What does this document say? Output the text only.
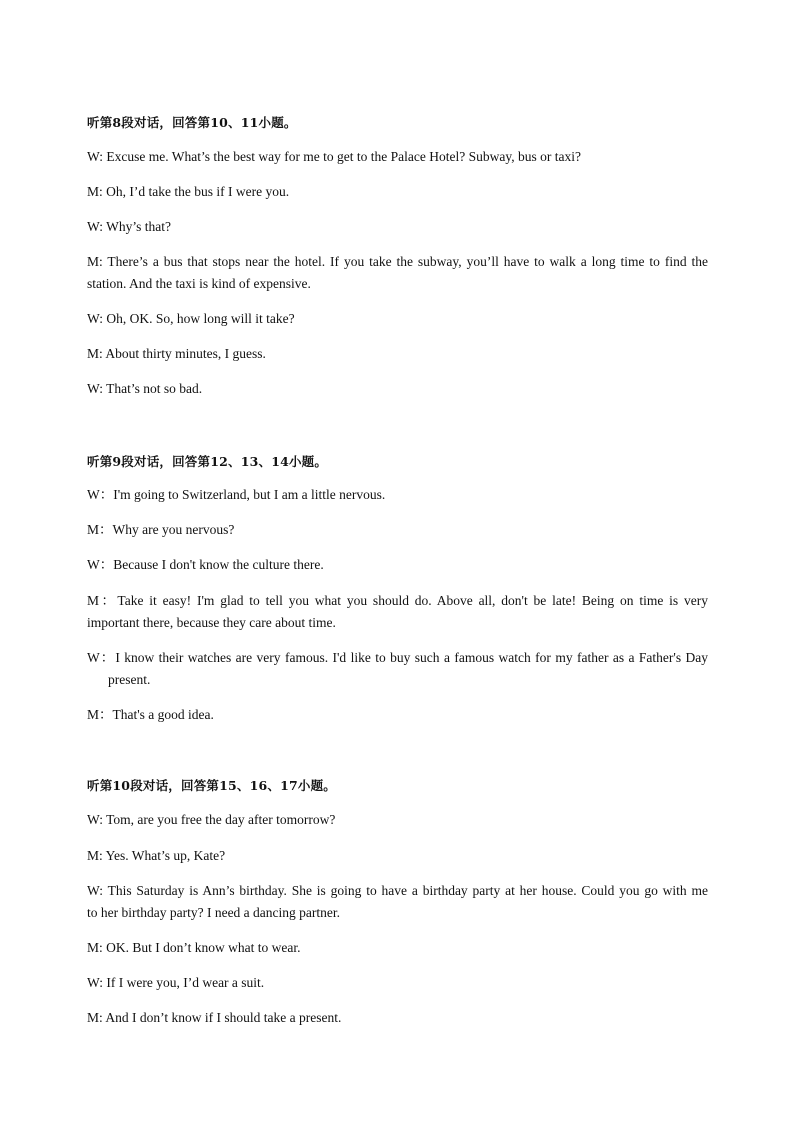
听第8段对话，回答第10、11小题。
W: Excuse me. What’s the best way for me to get to the Palace Hotel? Subway, bus or taxi?
M: Oh, I’d take the bus if I were you.
W: Why’s that?
M: There’s a bus that stops near the hotel. If you take the subway, you’ll have to walk a long time to find the
station. And the taxi is kind of expensive.
W: Oh, OK. So, how long will it take?
M: About thirty minutes, I guess.
W: That’s not so bad.
听第9段对话，回答第12、13、14小题。
W：I'm going to Switzerland, but I am a little nervous.
M：Why are you nervous?
W：Because I don't know the culture there.
M：Take it easy! I'm glad to tell you what you should do. Above all, don't be late! Being on time is very
important there, because they care about time.
W：I know their watches are very famous. I'd like to buy such a famous watch for my father as a Father's Day
present.
M：That's a good idea.
听第10段对话，回答第15、16、17小题。
W: Tom, are you free the day after tomorrow?
M: Yes. What’s up, Kate?
W: This Saturday is Ann’s birthday. She is going to have a birthday party at her house. Could you go with me
to her birthday party? I need a dancing partner.
M: OK. But I don’t know what to wear.
W: If I were you, I’d wear a suit.
M: And I don’t know if I should take a present.
